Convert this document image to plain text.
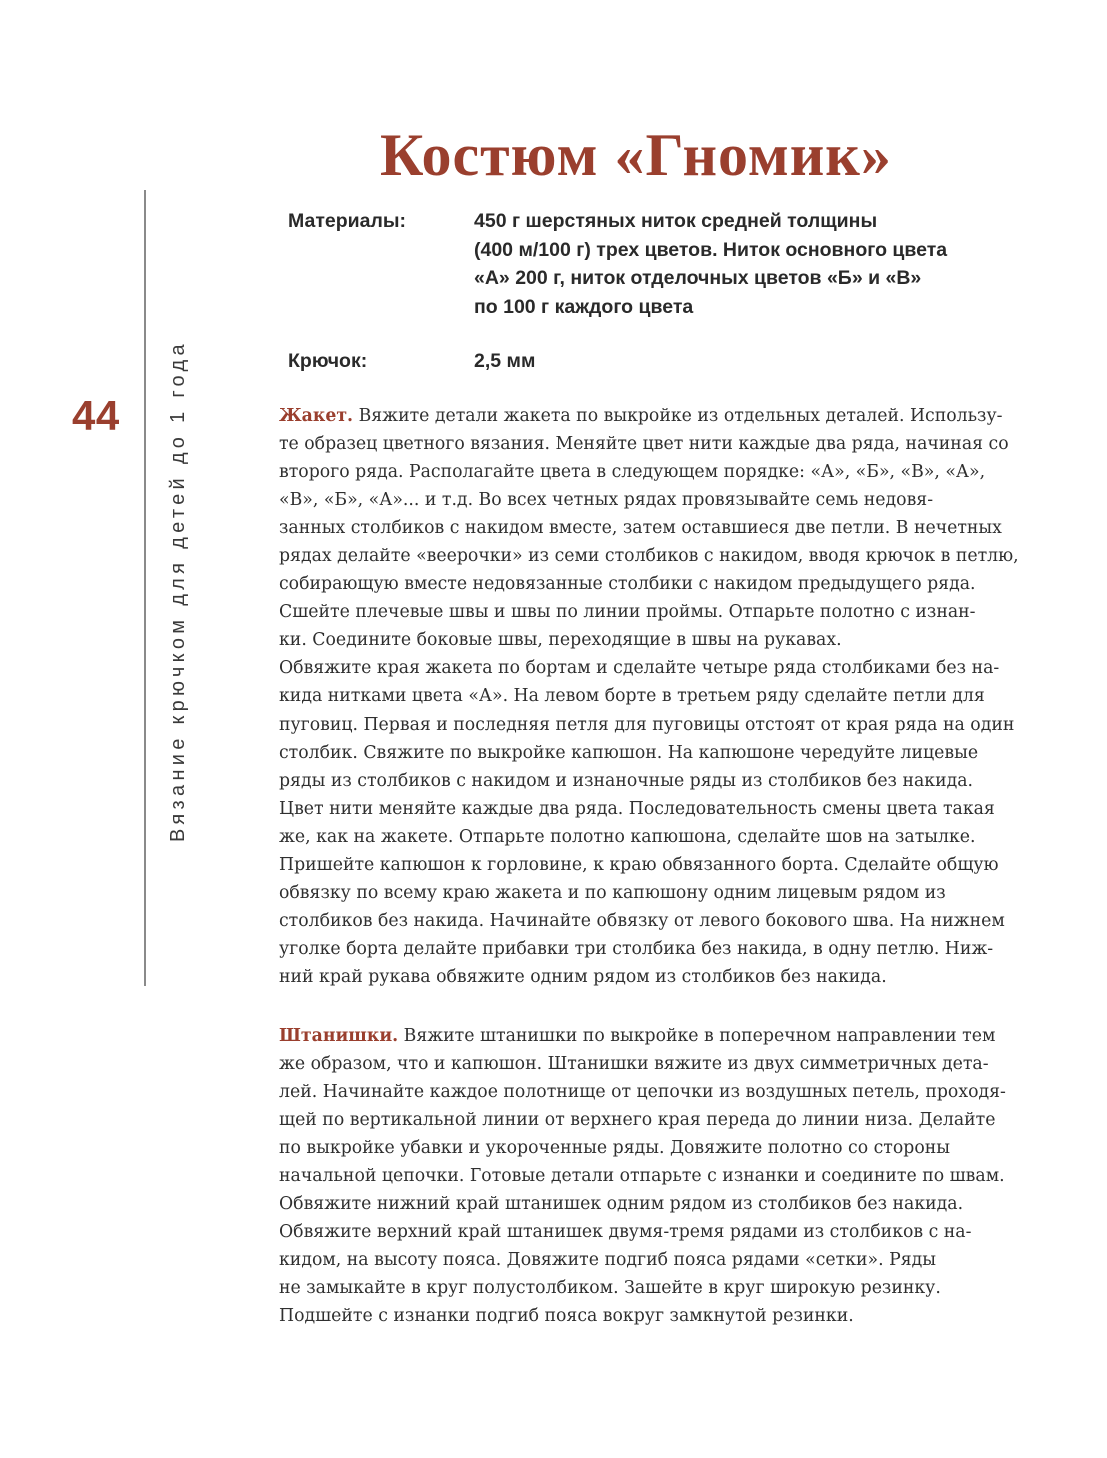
Костюм «Гномик»
44 Вязание крючком для детей до 1 года
Материалы:	450 г шерстяных ниток средней толщины
(400 м/100 г) трех цветов. Ниток основного цвета
«А» 200 г, ниток отделочных цветов «Б» и «В»
по 100 г каждого цвета
Крючок:	2,5 мм
Жакет. Вяжите детали жакета по выкройке из отдельных деталей. Использу-
те образец цветного вязания. Меняйте цвет нити каждые два ряда, начиная со
второго ряда. Располагайте цвета в следующем порядке: «А», «Б», «В», «А»,
«В», «Б», «А»... и т.д. Во всех четных рядах провязывайте семь недовя-
занных столбиков с накидом вместе, затем оставшиеся две петли. В нечетных
рядах делайте «веерочки» из семи столбиков с накидом, вводя крючок в петлю,
собирающую вместе недовязанные столбики с накидом предыдущего ряда.
Сшейте плечевые швы и швы по линии проймы. Отпарьте полотно с изнан-
ки. Соедините боковые швы, переходящие в швы на рукавах.
Обвяжите края жакета по бортам и сделайте четыре ряда столбиками без на-
кида нитками цвета «А». На левом борте в третьем ряду сделайте петли для
пуговиц. Первая и последняя петля для пуговицы отстоят от края ряда на один
столбик. Свяжите по выкройке капюшон. На капюшоне чередуйте лицевые
ряды из столбиков с накидом и изнаночные ряды из столбиков без накида.
Цвет нити меняйте каждые два ряда. Последовательность смены цвета такая
же, как на жакете. Отпарьте полотно капюшона, сделайте шов на затылке.
Пришейте капюшон к горловине, к краю обвязанного борта. Сделайте общую
обвязку по всему краю жакета и по капюшону одним лицевым рядом из
столбиков без накида. Начинайте обвязку от левого бокового шва. На нижнем
уголке борта делайте прибавки три столбика без накида, в одну петлю. Ниж-
ний край рукава обвяжите одним рядом из столбиков без накида.
Штанишки. Вяжите штанишки по выкройке в поперечном направлении тем
же образом, что и капюшон. Штанишки вяжите из двух симметричных дета-
лей. Начинайте каждое полотнище от цепочки из воздушных петель, проходя-
щей по вертикальной линии от верхнего края переда до линии низа. Делайте
по выкройке убавки и укороченные ряды. Довяжите полотно со стороны
начальной цепочки. Готовые детали отпарьте с изнанки и соедините по швам.
Обвяжите нижний край штанишек одним рядом из столбиков без накида.
Обвяжите верхний край штанишек двумя-тремя рядами из столбиков с на-
кидом, на высоту пояса. Довяжите подгиб пояса рядами «сетки». Ряды
не замыкайте в круг полустолбиком. Зашейте в круг широкую резинку.
Подшейте с изнанки подгиб пояса вокруг замкнутой резинки.
